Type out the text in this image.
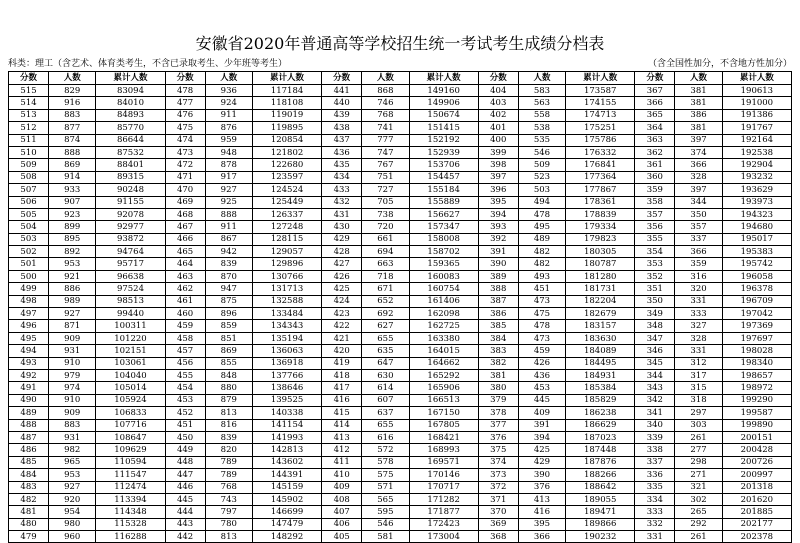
安徽省2020年普通高等学校招生统一考试考生成绩分档表
科类：理工（含艺术、体育类考生，不含已录取考生、少年班等考生）	（含全国性加分，不含地方性加分）
分数	人数	累计人数	分数	人数	累计人数	分数	人数	累计人数	分数	人数	累计人数	分数	人数	累计人数
515	829	83094	478	936	117184	441	868	149160	404	583	173587	367	381	190613
514	916	84010	477	924	118108	440	746	149906	403	563	174155	366	381	191000
513	883	84893	476	911	119019	439	768	150674	402	558	174713	365	386	191386
512	877	85770	475	876	119895	438	741	151415	401	538	175251	364	381	191767
511	874	86644	474	959	120854	437	777	152192	400	535	175786	363	397	192164
510	888	87532	473	948	121802	436	747	152939	399	546	176332	362	374	192538
509	869	88401	472	878	122680	435	767	153706	398	509	176841	361	366	192904
508	914	89315	471	917	123597	434	751	154457	397	523	177364	360	328	193232
507	933	90248	470	927	124524	433	727	155184	396	503	177867	359	397	193629
506	907	91155	469	925	125449	432	705	155889	395	494	178361	358	344	193973
505	923	92078	468	888	126337	431	738	156627	394	478	178839	357	350	194323
504	899	92977	467	911	127248	430	720	157347	393	495	179334	356	357	194680
503	895	93872	466	867	128115	429	661	158008	392	489	179823	355	337	195017
502	892	94764	465	942	129057	428	694	158702	391	482	180305	354	366	195383
501	953	95717	464	839	129896	427	663	159365	390	482	180787	353	359	195742
500	921	96638	463	870	130766	426	718	160083	389	493	181280	352	316	196058
499	886	97524	462	947	131713	425	671	160754	388	451	181731	351	320	196378
498	989	98513	461	875	132588	424	652	161406	387	473	182204	350	331	196709
497	927	99440	460	896	133484	423	692	162098	386	475	182679	349	333	197042
496	871	100311	459	859	134343	422	627	162725	385	478	183157	348	327	197369
495	909	101220	458	851	135194	421	655	163380	384	473	183630	347	328	197697
494	931	102151	457	869	136063	420	635	164015	383	459	184089	346	331	198028
493	910	103061	456	855	136918	419	647	164662	382	426	184495	345	312	198340
492	979	104040	455	848	137766	418	630	165292	381	436	184931	344	317	198657
491	974	105014	454	880	138646	417	614	165906	380	453	185384	343	315	198972
490	910	105924	453	879	139525	416	607	166513	379	445	185829	342	318	199290
489	909	106833	452	813	140338	415	637	167150	378	409	186238	341	297	199587
488	883	107716	451	816	141154	414	655	167805	377	391	186629	340	303	199890
487	931	108647	450	839	141993	413	616	168421	376	394	187023	339	261	200151
486	982	109629	449	820	142813	412	572	168993	375	425	187448	338	277	200428
485	965	110594	448	789	143602	411	578	169571	374	429	187876	337	298	200726
484	953	111547	447	789	144391	410	575	170146	373	390	188266	336	271	200997
483	927	112474	446	768	145159	409	571	170717	372	376	188642	335	321	201318
482	920	113394	445	743	145902	408	565	171282	371	413	189055	334	302	201620
481	954	114348	444	797	146699	407	595	171877	370	416	189471	333	265	201885
480	980	115328	443	780	147479	406	546	172423	369	395	189866	332	292	202177
479	960	116288	442	813	148292	405	581	173004	368	366	190232	331	261	202378
